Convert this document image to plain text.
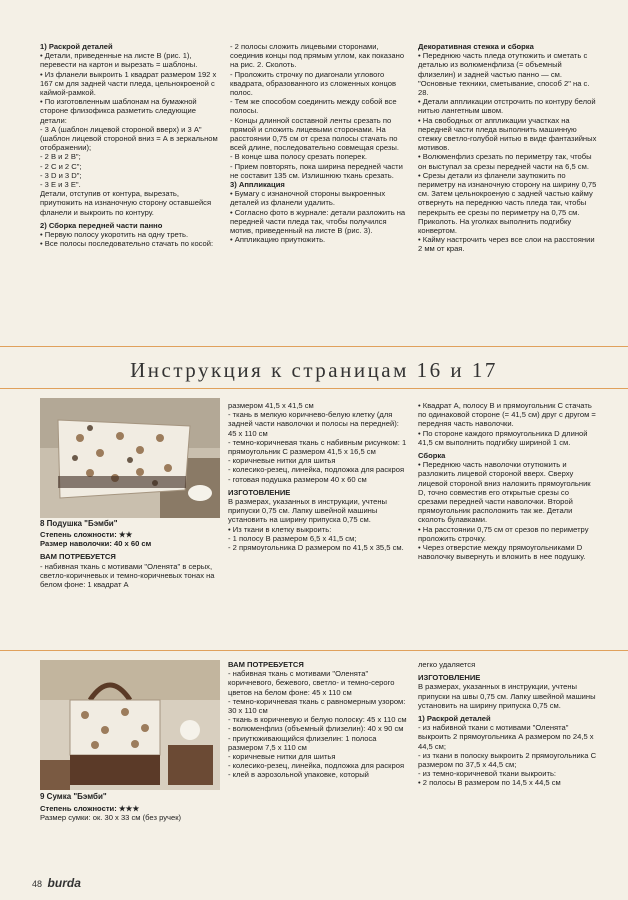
1) Раскрой деталей

• Детали, приведенные на листе В (рис. 1), перевести на картон и вырезать = шаблоны.

• Из фланели выкроить 1 квадрат размером 192 х 167 см для задней части пледа, цельнокроеной с каймой-рамкой.

• По изготовленным шаблонам на бумажной стороне флизофикса разметить следующие детали:

- 3 А (шаблон лицевой стороной вверх) и 3 А" (шаблон лицевой стороной вниз = А в зеркальном отображении);

- 2 В и 2 В";

- 2 С и 2 С";

- 3 D и 3 D";

- 3 Е и 3 Е".

Детали, отступив от контура, вырезать, приутюжить на изнаночную сторону оставшейся фланели и выкроить по контуру.

2) Сборка передней части панно

• Первую полосу укоротить на одну треть.

• Все полосы последовательно стачать по косой:

- 2 полосы сложить лицевыми сторонами, соединив концы под прямым углом, как показано на рис. 2. Сколоть.

- Проложить строчку по диагонали углового квадрата, образованного из сложенных концов полос.

- Тем же способом соединить между собой все полосы.

- Концы длинной составной ленты срезать по прямой и сложить лицевыми сторонами. На расстоянии 0,75 см от среза полосы стачать по всей длине, последовательно совмещая срезы.

- В конце шва полосу срезать поперек.

- Прием повторять, пока ширина передней части не составит 135 см. Излишнюю ткань срезать.

3) Аппликация

• Бумагу с изнаночной стороны выкроенных деталей из фланели удалить.

• Согласно фото в журнале: детали разложить на передней части пледа так, чтобы получился мотив, приведенный на листе В (рис. 3).

• Аппликацию приутюжить.

Декоративная стежка и сборка

• Переднюю часть пледа отутюжить и сметать с деталью из волюменфлиза (= объемный флизелин) и задней частью панно — см. "Основные техники, сметывание, способ 2" на с. 28.

• Детали аппликации отстрочить по контуру белой нитью лангетным швом.

• На свободных от аппликации участках на передней части пледа выполнить машинную стежку светло-голубой нитью в виде фантазийных мотивов.

• Волюменфлиз срезать по периметру так, чтобы он выступал за срезы передней части на 6,5 см.

• Срезы детали из фланели заутюжить по периметру на изнаночную сторону на ширину 0,75 см. Затем цельнокроеную с задней частью кайму отвернуть на переднюю часть пледа так, чтобы перекрыть ее срезы по периметру на 0,75 см. Приколоть. На уголках выполнить подгибку конвертом.

• Кайму настрочить через все слои на расстоянии 2 мм от края.

Инструкция к страницам 16 и 17
8 Подушка "Бэмби"

Степень сложности: ★★

Размер наволочки: 40 х 60 см

ВАМ ПОТРЕБУЕТСЯ

- набивная ткань с мотивами "Оленята" в серых, светло-коричневых и темно-коричневых тонах на белом фоне: 1 квадрат А

размером 41,5 х 41,5 см

- ткань в мелкую коричнево-белую клетку (для задней части наволочки и полосы на передней): 45 х 110 см

- темно-коричневая ткань с набивным рисунком: 1 прямоугольник С размером 41,5 х 16,5 см

- коричневые нитки для шитья

- колесико-резец, линейка, подложка для раскроя

- готовая подушка размером 40 х 60 см

ИЗГОТОВЛЕНИЕ

В размерах, указанных в инструкции, учтены припуски 0,75 см. Лапку швейной машины установить на ширину припуска 0,75 см.

• Из ткани в клетку выкроить:

- 1 полосу В размером 6,5 х 41,5 см;

- 2 прямоугольника D размером по 41,5 х 35,5 см.

• Квадрат А, полосу В и прямоугольник С стачать по одинаковой стороне (= 41,5 см) друг с другом = передняя часть наволочки.

• По стороне каждого прямоугольника D длиной 41,5 см выполнить подгибку шириной 1 см.

Сборка

• Переднюю часть наволочки отутюжить и разложить лицевой стороной вверх. Сверху лицевой стороной вниз наложить прямоугольник D, точно совместив его открытые срезы со срезами передней части наволочки. Второй прямоугольник расположить так же. Детали сколоть булавками.

• На расстоянии 0,75 см от срезов по периметру проложить строчку.

• Через отверстие между прямоугольниками D наволочку вывернуть и вложить в нее подушку.

9 Сумка "Бэмби"

Степень сложности: ★★★

Размер сумки: ок. 30 х 33 см (без ручек)

ВАМ ПОТРЕБУЕТСЯ

- набивная ткань с мотивами "Оленята" коричневого, бежевого, светло- и темно-серого цветов на белом фоне: 45 х 110 см

- темно-коричневая ткань с равномерным узором: 30 х 110 см

- ткань в коричневую и белую полоску: 45 х 110 см

- волюменфлиз (объемный флизелин): 40 х 90 см

- приутюживающийся флизелин: 1 полоса размером 7,5 х 110 см

- коричневые нитки для шитья

- колесико-резец, линейка, подложка для раскроя

- клей в аэрозольной упаковке, который

легко удаляется

ИЗГОТОВЛЕНИЕ

В размерах, указанных в инструкции, учтены припуски на швы 0,75 см. Лапку швейной машины установить на ширину припуска 0,75 см.

1) Раскрой деталей

- из набивной ткани с мотивами "Оленята" выкроить 2 прямоугольника А размером по 24,5 х 44,5 см;

- из ткани в полоску выкроить 2 прямоугольника С размером по 37,5 х 44,5 см;

- из темно-коричневой ткани выкроить:

• 2 полосы В размером по 14,5 х 44,5 см

48 burda
